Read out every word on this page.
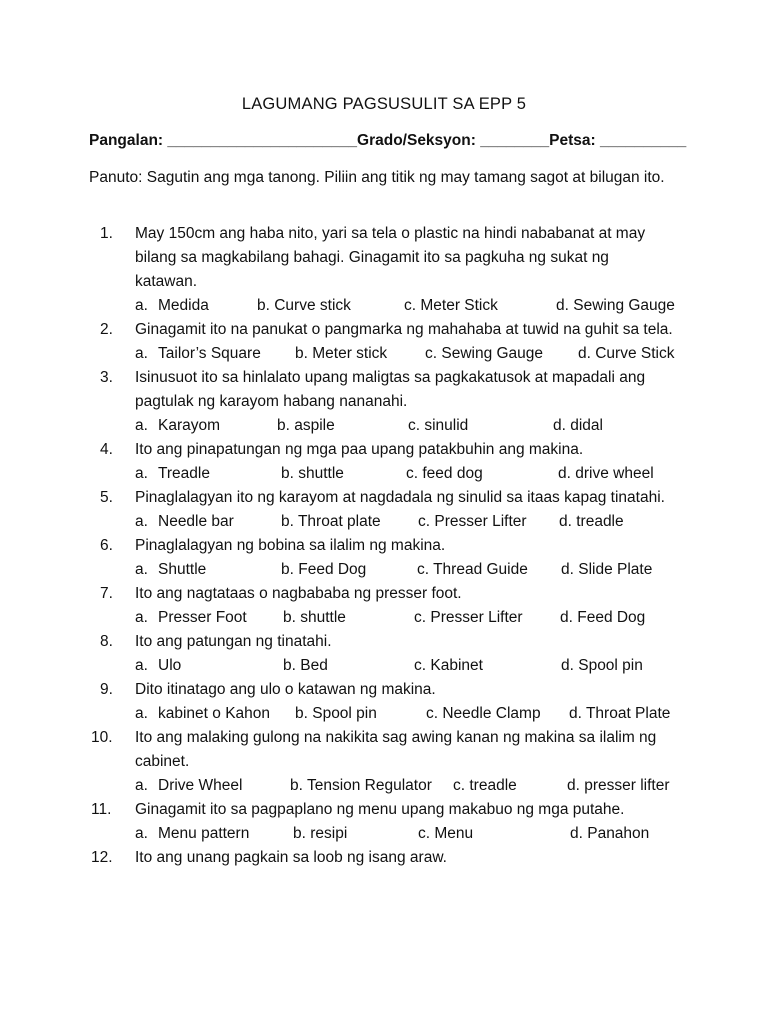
LAGUMANG PAGSUSULIT SA EPP 5
Pangalan: ______________________Grado/Seksyon: ________Petsa: __________
Panuto: Sagutin ang mga tanong. Piliin ang titik ng may tamang sagot at bilugan ito.
1.	May 150cm ang haba nito, yari sa tela o plastic na hindi nababanat at may bilang sa magkabilang bahagi. Ginagamit ito sa pagkuha ng sukat ng katawan.
a. Medida	b. Curve stick	c. Meter Stick	d. Sewing Gauge
2.	Ginagamit ito na panukat o pangmarka ng mahahaba at tuwid na guhit sa tela.
a. Tailor’s Square b. Meter stick c. Sewing Gauge d. Curve Stick
3.	Isinusuot ito sa hinlalato upang maligtas sa pagkakatusok at mapadali ang pagtulak ng karayom habang nananahi.
a. Karayom	b. aspile	c. sinulid	d. didal
4.	Ito ang pinapatungan ng mga paa upang patakbuhin ang makina.
a. Treadle	b. shuttle	c. feed dog	d. drive wheel
5.	Pinaglalagyan ito ng karayom at nagdadala ng sinulid sa itaas kapag tinatahi.
a. Needle bar	b. Throat plate c. Presser Lifter d. treadle
6.	Pinaglalagyan ng bobina sa ilalim ng makina.
a. Shuttle	b. Feed Dog	c. Thread Guide d. Slide Plate
7.	Ito ang nagtataas o nagbababa ng presser foot.
a. Presser Foot b. shuttle	c. Presser Lifter d. Feed Dog
8.	Ito ang patungan ng tinatahi.
a. Ulo	b. Bed	c. Kabinet	d. Spool pin
9.	Dito itinatago ang ulo o katawan ng makina.
a. kabinet o Kahon b. Spool pin	c. Needle Clamp d. Throat Plate
10.	Ito ang malaking gulong na nakikita sag awing kanan ng makina sa ilalim ng cabinet.
a. Drive Wheel	b. Tension Regulator c. treadle	d. presser lifter
11.	Ginagamit ito sa pagpaplano ng menu upang makabuo ng mga putahe.
a. Menu pattern	b. resipi	c. Menu	d. Panahon
12.	Ito ang unang pagkain sa loob ng isang araw.
